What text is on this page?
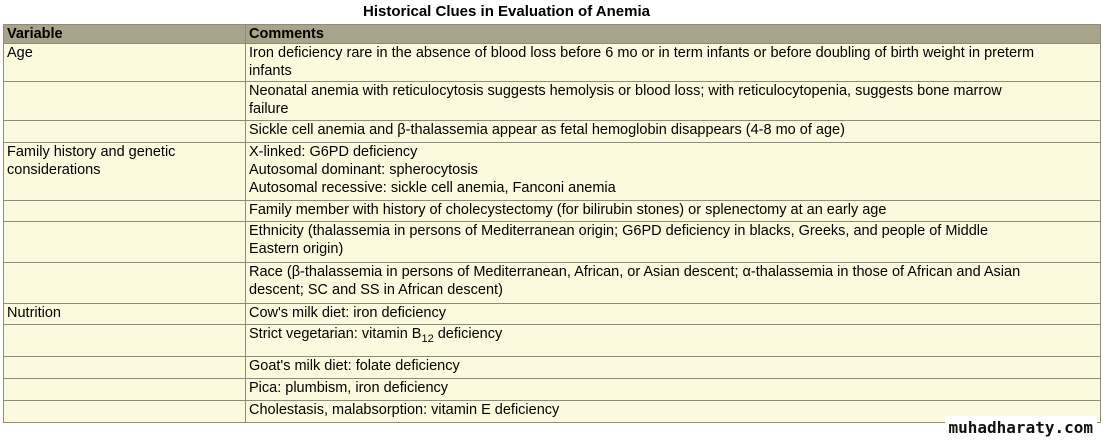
Historical Clues in Evaluation of Anemia
Variable	Comments
Age	Iron deficiency rare in the absence of blood loss before 6 mo or in term infants or before doubling of birth weight in preterm
infants

	Neonatal anemia with reticulocytosis suggests hemolysis or blood loss; with reticulocytopenia, suggests bone marrow
failure

	Sickle cell anemia and β-thalassemia appear as fetal hemoglobin disappears (4-8 mo of age)

Family history and genetic considerations	X-linked: G6PD deficiency
Autosomal dominant: spherocytosis
Autosomal recessive: sickle cell anemia, Fanconi anemia

	Family member with history of cholecystectomy (for bilirubin stones) or splenectomy at an early age

	Ethnicity (thalassemia in persons of Mediterranean origin; G6PD deficiency in blacks, Greeks, and people of Middle
Eastern origin)

	Race (β-thalassemia in persons of Mediterranean, African, or Asian descent; α-thalassemia in those of African and Asian
descent; SC and SS in African descent)

Nutrition	Cow's milk diet: iron deficiency

	Strict vegetarian: vitamin $B_{12}$ deficiency

	Goat's milk diet: folate deficiency

	Pica: plumbism, iron deficiency

	Cholestasis, malabsorption: vitamin E deficiency
muhadharaty.com
